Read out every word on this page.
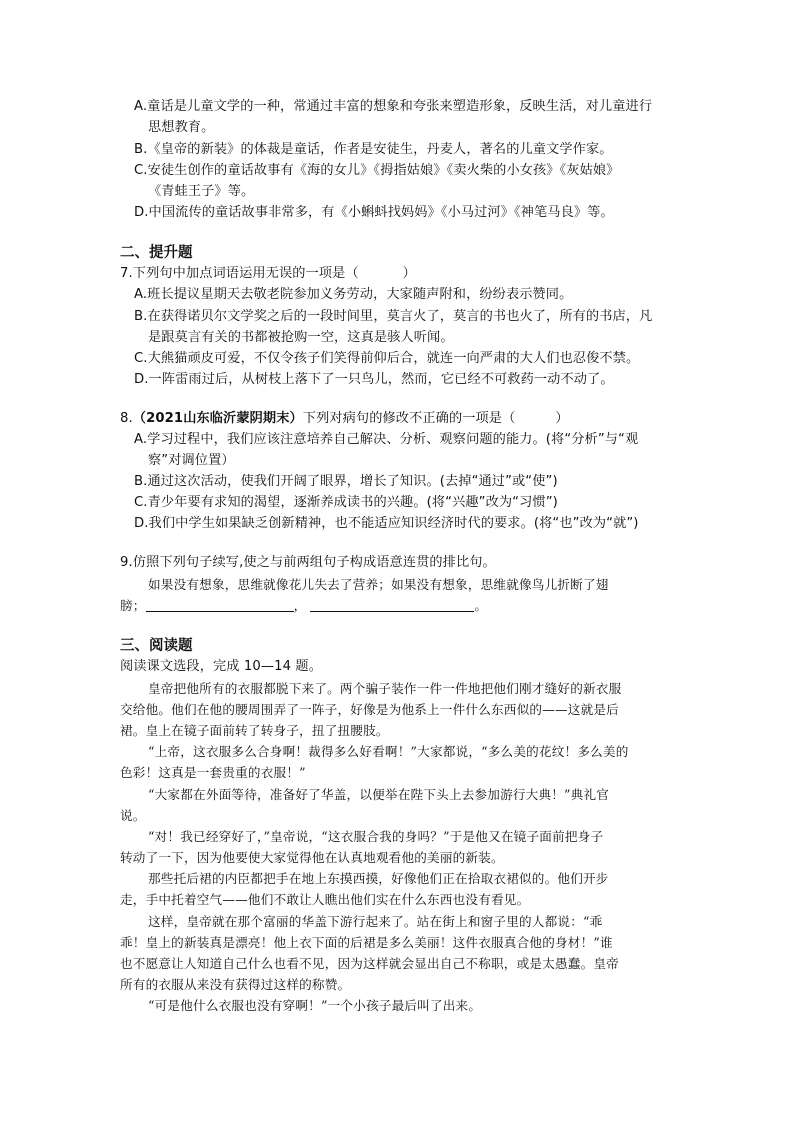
A.童话是儿童文学的一种，常通过丰富的想象和夸张来塑造形象，反映生活，对儿童进行
思想教育。
B.《皇帝的新装》的体裁是童话，作者是安徒生，丹麦人，著名的儿童文学作家。
C.安徒生创作的童话故事有《海的女儿》《拇指姑娘》《卖火柴的小女孩》《灰姑娘》
《青蛙王子》等。
D.中国流传的童话故事非常多，有《小蝌蚪找妈妈》《小马过河》《神笔马良》等。
二、提升题
7.下列句中加点词语运用无误的一项是（	）
A.班长提议星期天去敬老院参加义务劳动，大家随声附和，纷纷表示赞同。
B.在获得诺贝尔文学奖之后的一段时间里，莫言火了，莫言的书也火了，所有的书店，凡
是跟莫言有关的书都被抢购一空，这真是骇人听闻。
C.大熊猫顽皮可爱，不仅令孩子们笑得前仰后合，就连一向严肃的大人们也忍俊不禁。
D.一阵雷雨过后，从树枝上落下了一只鸟儿，然而，它已经不可救药一动不动了。
8.（2021山东临沂蒙阴期末）下列对病句的修改不正确的一项是（	）
A.学习过程中，我们应该注意培养自己解决、分析、观察问题的能力。(将“分析”与“观
察”对调位置）
B.通过这次活动，使我们开阔了眼界，增长了知识。(去掉“通过”或“使”)
C.青少年要有求知的渴望，逐渐养成读书的兴趣。(将“兴趣”改为“习惯”)
D.我们中学生如果缺乏创新精神，也不能适应知识经济时代的要求。(将“也”改为“就”)
9.仿照下列句子续写,使之与前两组句子构成语意连贯的排比句。
如果没有想象，思维就像花儿失去了营养；如果没有想象，思维就像鸟儿折断了翅
膀；	，	。
三、阅读题
阅读课文选段，完成 10—14 题。
皇帝把他所有的衣服都脱下来了。两个骗子装作一件一件地把他们刚才缝好的新衣服
交给他。他们在他的腰周围弄了一阵子，好像是为他系上一件什么东西似的——这就是后
裙。皇上在镜子面前转了转身子，扭了扭腰肢。
“上帝，这衣服多么合身啊！裁得多么好看啊！”大家都说，“多么美的花纹！多么美的
色彩！这真是一套贵重的衣服！”
“大家都在外面等待，准备好了华盖，以便举在陛下头上去参加游行大典！”典礼官
说。
“对！我已经穿好了，”皇帝说，“这衣服合我的身吗？”于是他又在镜子面前把身子
转动了一下，因为他要使大家觉得他在认真地观看他的美丽的新装。
那些托后裙的内臣都把手在地上东摸西摸，好像他们正在拾取衣裙似的。他们开步
走，手中托着空气——他们不敢让人瞧出他们实在什么东西也没有看见。
这样，皇帝就在那个富丽的华盖下游行起来了。站在街上和窗子里的人都说：“乖
乖！皇上的新装真是漂亮！他上衣下面的后裙是多么美丽！这件衣服真合他的身材！”谁
也不愿意让人知道自己什么也看不见，因为这样就会显出自己不称职，或是太愚蠢。皇帝
所有的衣服从来没有获得过这样的称赞。
“可是他什么衣服也没有穿啊！”一个小孩子最后叫了出来。
